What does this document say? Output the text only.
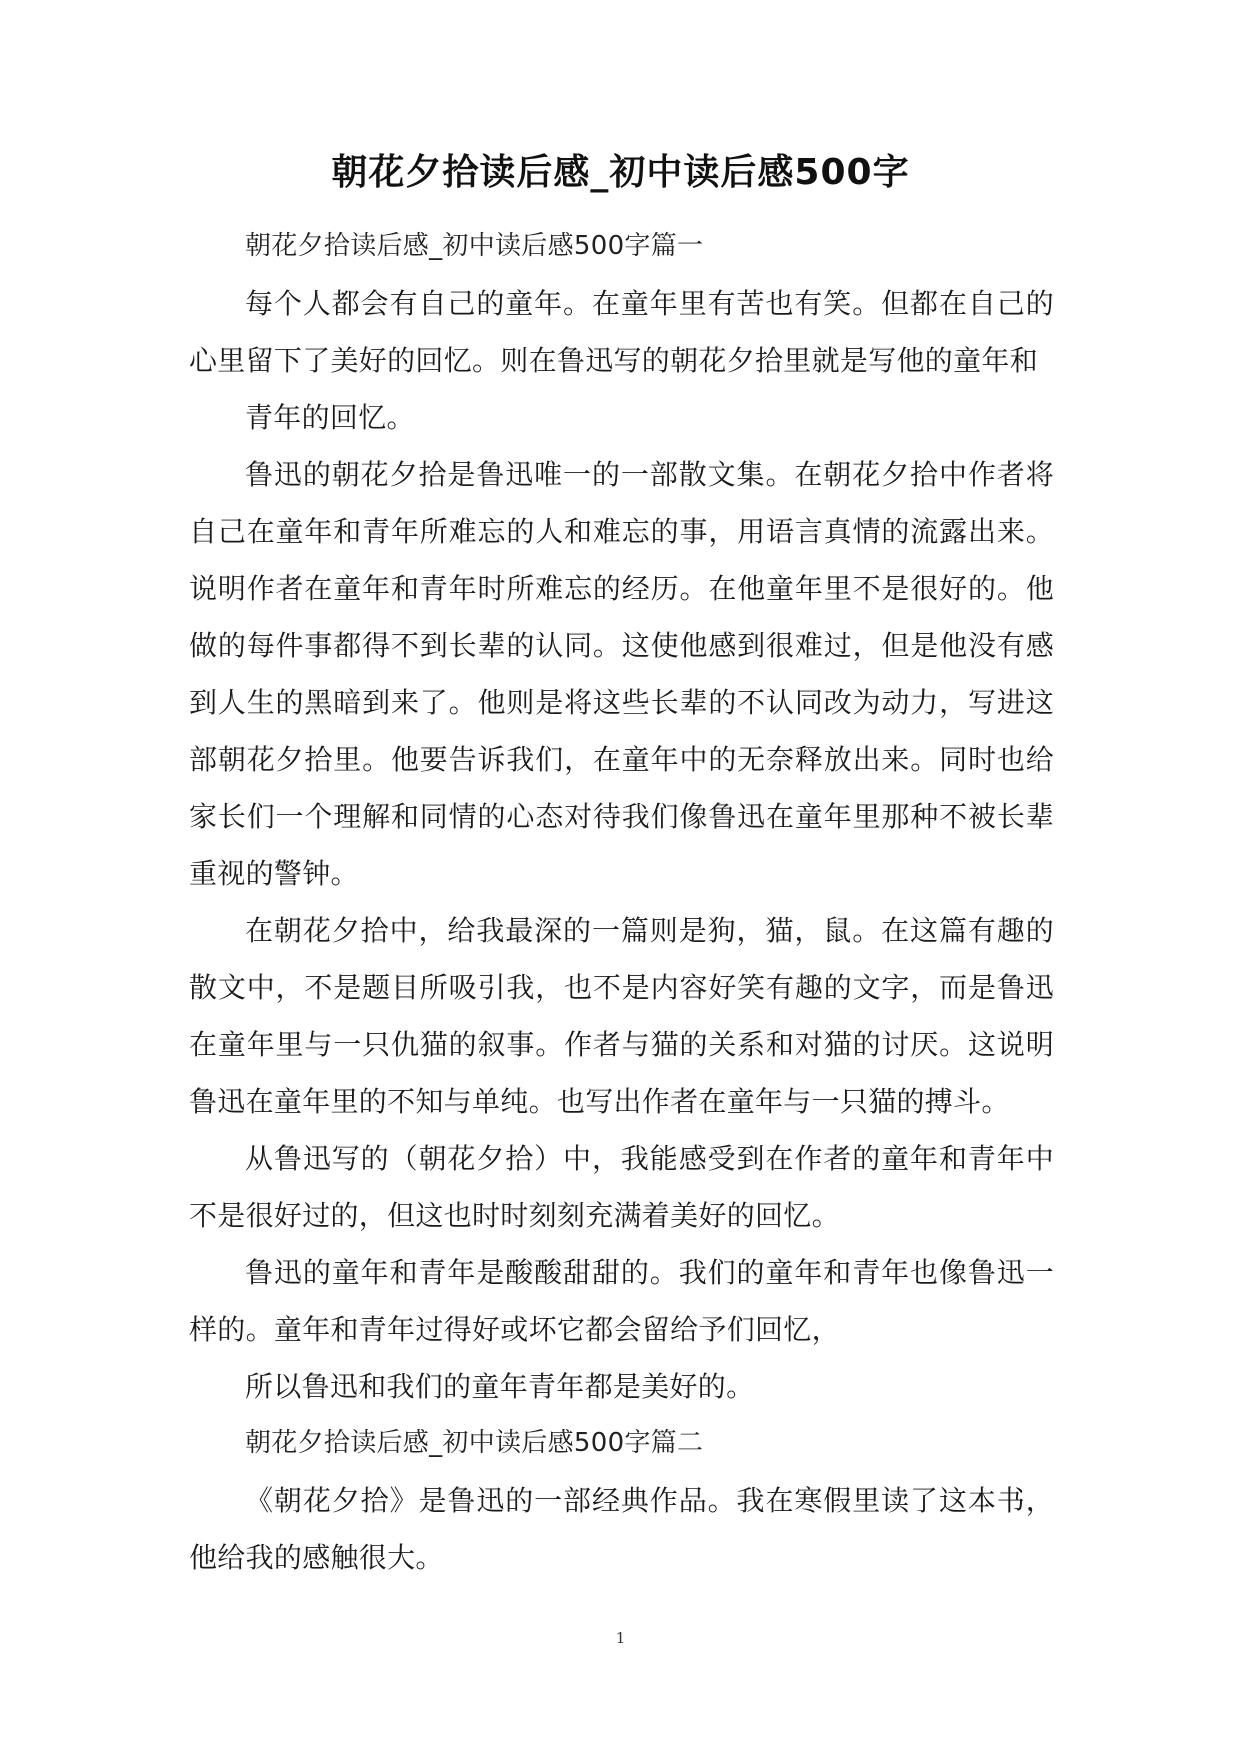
朝花夕拾读后感_初中读后感500字

朝花夕拾读后感_初中读后感500字篇一

每个人都会有自己的童年。在童年里有苦也有笑。但都在自己的心里留下了美好的回忆。则在鲁迅写的朝花夕拾里就是写他的童年和

青年的回忆。

鲁迅的朝花夕拾是鲁迅唯一的一部散文集。在朝花夕拾中作者将自己在童年和青年所难忘的人和难忘的事，用语言真情的流露出来。说明作者在童年和青年时所难忘的经历。在他童年里不是很好的。他做的每件事都得不到长辈的认同。这使他感到很难过，但是他没有感到人生的黑暗到来了。他则是将这些长辈的不认同改为动力，写进这部朝花夕拾里。他要告诉我们，在童年中的无奈释放出来。同时也给家长们一个理解和同情的心态对待我们像鲁迅在童年里那种不被长辈重视的警钟。

在朝花夕拾中，给我最深的一篇则是狗，猫，鼠。在这篇有趣的散文中，不是题目所吸引我，也不是内容好笑有趣的文字，而是鲁迅在童年里与一只仇猫的叙事。作者与猫的关系和对猫的讨厌。这说明鲁迅在童年里的不知与单纯。也写出作者在童年与一只猫的搏斗。

从鲁迅写的（朝花夕拾）中，我能感受到在作者的童年和青年中不是很好过的，但这也时时刻刻充满着美好的回忆。

鲁迅的童年和青年是酸酸甜甜的。我们的童年和青年也像鲁迅一样的。童年和青年过得好或坏它都会留给予们回忆，

所以鲁迅和我们的童年青年都是美好的。

朝花夕拾读后感_初中读后感500字篇二

《朝花夕拾》是鲁迅的一部经典作品。我在寒假里读了这本书，他给我的感触很大。

1
